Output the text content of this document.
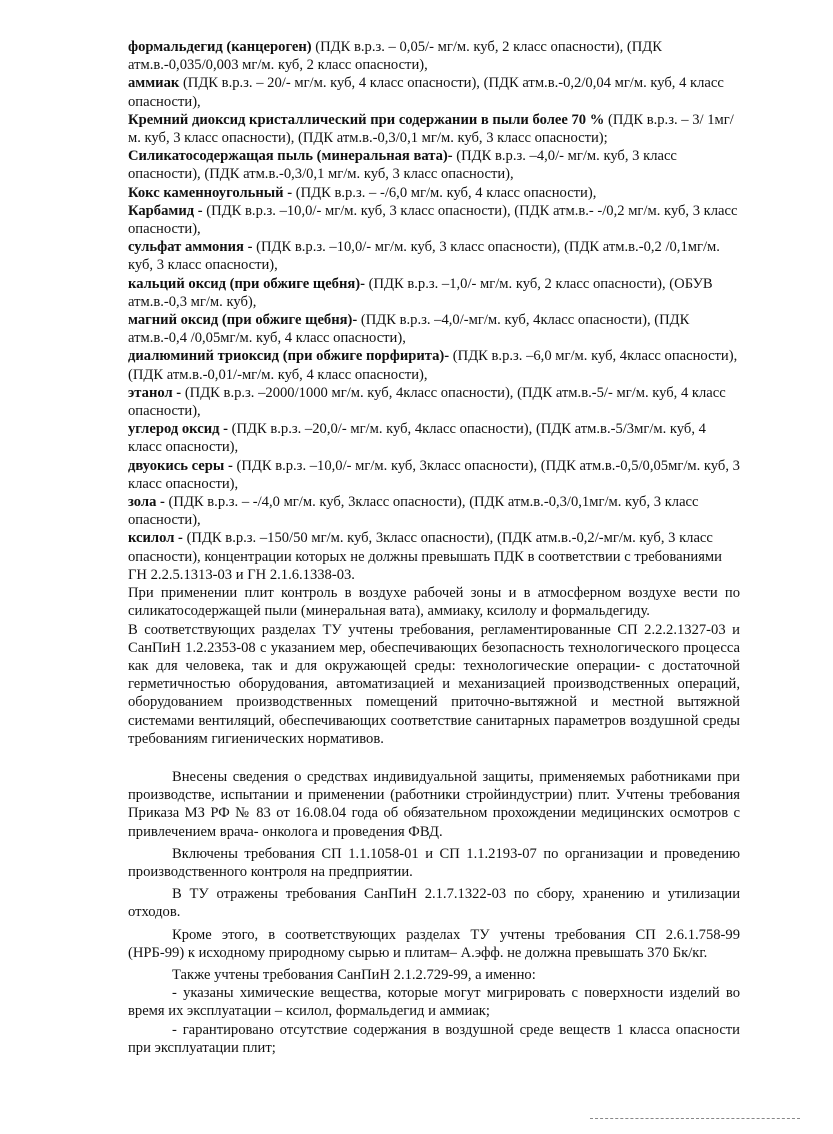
формальдегид (канцероген) (ПДК в.р.з. – 0,05/- мг/м. куб, 2 класс опасности), (ПДК атм.в.-0,035/0,003 мг/м. куб, 2 класс опасности),

аммиак (ПДК в.р.з. – 20/- мг/м. куб, 4 класс опасности), (ПДК атм.в.-0,2/0,04 мг/м. куб, 4 класс опасности),

Кремний диоксид кристаллический при содержании в пыли более 70 % (ПДК в.р.з. – 3/ 1мг/м. куб, 3 класс опасности), (ПДК атм.в.-0,3/0,1 мг/м. куб, 3 класс опасности);

Силикатосодержащая пыль (минеральная вата)- (ПДК в.р.з. –4,0/- мг/м. куб, 3 класс опасности), (ПДК атм.в.-0,3/0,1 мг/м. куб, 3 класс опасности),

Кокс каменноугольный - (ПДК в.р.з. – -/6,0 мг/м. куб, 4 класс опасности),

Карбамид - (ПДК в.р.з. –10,0/- мг/м. куб, 3 класс опасности), (ПДК атм.в.- -/0,2 мг/м. куб, 3 класс опасности),

сульфат аммония - (ПДК в.р.з. –10,0/- мг/м. куб, 3 класс опасности), (ПДК атм.в.-0,2 /0,1мг/м. куб, 3 класс опасности),

кальций оксид (при обжиге щебня)- (ПДК в.р.з. –1,0/- мг/м. куб, 2 класс опасности), (ОБУВ атм.в.-0,3 мг/м. куб),

магний оксид (при обжиге щебня)- (ПДК в.р.з. –4,0/-мг/м. куб, 4класс опасности), (ПДК атм.в.-0,4 /0,05мг/м. куб, 4 класс опасности),

диалюминий триоксид (при обжиге порфирита)- (ПДК в.р.з. –6,0 мг/м. куб, 4класс опасности), (ПДК атм.в.-0,01/-мг/м. куб, 4 класс опасности),

этанол - (ПДК в.р.з. –2000/1000 мг/м. куб, 4класс опасности), (ПДК атм.в.-5/- мг/м. куб, 4 класс опасности),

углерод оксид - (ПДК в.р.з. –20,0/- мг/м. куб, 4класс опасности), (ПДК атм.в.-5/3мг/м. куб, 4 класс опасности),

двуокись серы - (ПДК в.р.з. –10,0/- мг/м. куб, 3класс опасности), (ПДК атм.в.-0,5/0,05мг/м. куб, 3 класс опасности),

зола - (ПДК в.р.з. – -/4,0 мг/м. куб, 3класс опасности), (ПДК атм.в.-0,3/0,1мг/м. куб, 3 класс опасности),

ксилол - (ПДК в.р.з. –150/50 мг/м. куб, 3класс опасности), (ПДК атм.в.-0,2/-мг/м. куб, 3 класс опасности), концентрации которых не должны превышать ПДК в соответствии с требованиями ГН 2.2.5.1313-03 и ГН 2.1.6.1338-03.

При применении плит контроль в воздухе рабочей зоны и в атмосферном воздухе вести по силикатосодержащей пыли (минеральная вата), аммиаку, ксилолу и формальдегиду.

В соответствующих разделах ТУ учтены требования, регламентированные СП 2.2.2.1327-03 и СанПиН 1.2.2353-08 с указанием мер, обеспечивающих безопасность технологического процесса как для человека, так и для окружающей среды: технологические операции- с достаточной герметичностью оборудования, автоматизацией и механизацией производственных операций, оборудованием производственных помещений приточно-вытяжной и местной вытяжной системами вентиляций, обеспечивающих соответствие санитарных параметров воздушной среды требованиям гигиенических нормативов.

Внесены сведения о средствах индивидуальной защиты, применяемых работниками при производстве, испытании и применении (работники стройиндустрии) плит. Учтены требования Приказа МЗ РФ № 83 от 16.08.04 года об обязательном прохождении медицинских осмотров с привлечением врача- онколога и проведения ФВД.

Включены требования СП 1.1.1058-01 и СП 1.1.2193-07 по организации и проведению производственного контроля на предприятии.

В ТУ отражены требования СанПиН 2.1.7.1322-03 по сбору, хранению и утилизации отходов.

Кроме этого, в соответствующих разделах ТУ учтены требования СП 2.6.1.758-99 (НРБ-99) к исходному природному сырью и плитам– А.эфф. не должна превышать 370 Бк/кг.

Также учтены требования СанПиН 2.1.2.729-99, а именно:

- указаны химические вещества, которые могут мигрировать с поверхности изделий во время их эксплуатации – ксилол, формальдегид и аммиак;

- гарантировано отсутствие содержания в воздушной среде веществ 1 класса опасности при эксплуатации плит;
